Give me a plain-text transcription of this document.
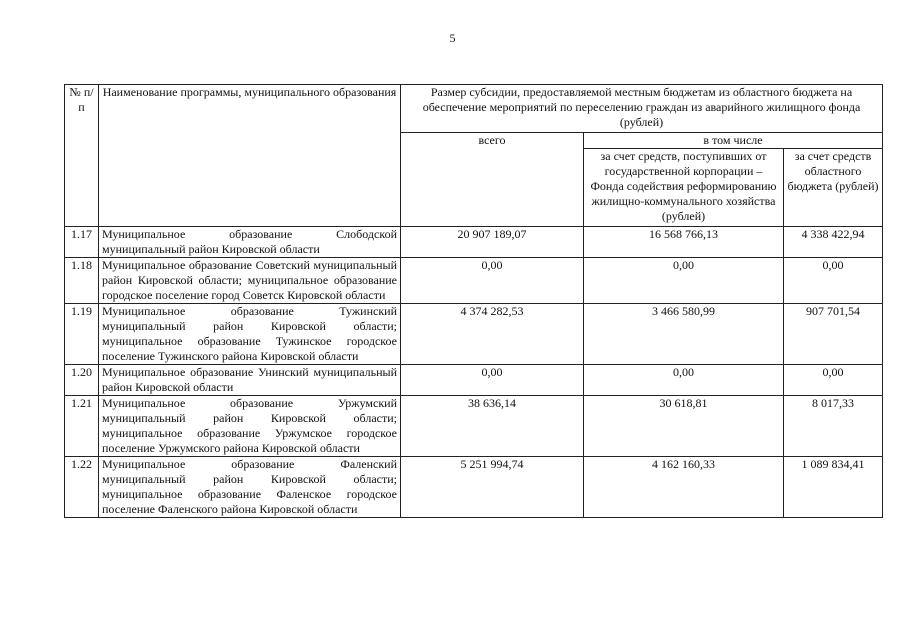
5
№ п/п	Наименование программы, муниципального образования	Размер субсидии, предоставляемой местным бюджетам из областного бюджета на обеспечение мероприятий по переселению граждан из аварийного жилищного фонда (рублей)		
		всего	в том числе	
			за счет средств, поступивших от государственной корпорации – Фонда содействия реформированию жилищно-коммунального хозяйства (рублей)	за счет средств областного бюджета (рублей)
1.17	Муниципальное образование Слободской муниципальный район Кировской области	20 907 189,07	16 568 766,13	4 338 422,94
1.18	Муниципальное образование Советский муниципальный район Кировской области; муниципальное образование городское поселение город Советск Кировской области	0,00	0,00	0,00
1.19	Муниципальное образование Тужинский муниципальный район Кировской области; муниципальное образование Тужинское городское поселение Тужинского района Кировской области	4 374 282,53	3 466 580,99	907 701,54
1.20	Муниципальное образование Унинский муниципальный район Кировской области	0,00	0,00	0,00
1.21	Муниципальное образование Уржумский муниципальный район Кировской области; муниципальное образование Уржумское городское поселение Уржумского района Кировской области	38 636,14	30 618,81	8 017,33
1.22	Муниципальное образование Фаленский муниципальный район Кировской области; муниципальное образование Фаленское городское поселение Фаленского района Кировской области	5 251 994,74	4 162 160,33	1 089 834,41
